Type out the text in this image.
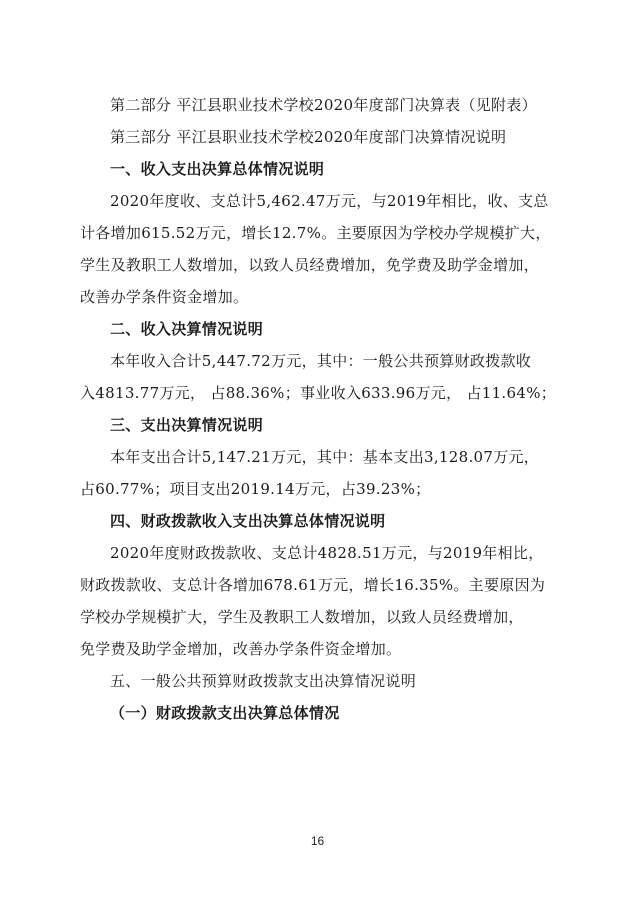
第二部分 平江县职业技术学校2020年度部门决算表（见附表）
第三部分 平江县职业技术学校2020年度部门决算情况说明
一、收入支出决算总体情况说明
2020年度收、支总计5,462.47万元，与2019年相比，收、支总
计各增加615.52万元，增长12.7%。主要原因为学校办学规模扩大，
学生及教职工人数增加，以致人员经费增加，免学费及助学金增加，
改善办学条件资金增加。
二、收入决算情况说明
本年收入合计5,447.72万元，其中：一般公共预算财政拨款收
入4813.77万元， 占88.36%；事业收入633.96万元， 占11.64%；
三、支出决算情况说明
本年支出合计5,147.21万元，其中：基本支出3,128.07万元，
占60.77%；项目支出2019.14万元，占39.23%；
四、财政拨款收入支出决算总体情况说明
2020年度财政拨款收、支总计4828.51万元，与2019年相比，
财政拨款收、支总计各增加678.61万元，增长16.35%。主要原因为
学校办学规模扩大，学生及教职工人数增加，以致人员经费增加，
免学费及助学金增加，改善办学条件资金增加。
五、一般公共预算财政拨款支出决算情况说明
（一）财政拨款支出决算总体情况
16
